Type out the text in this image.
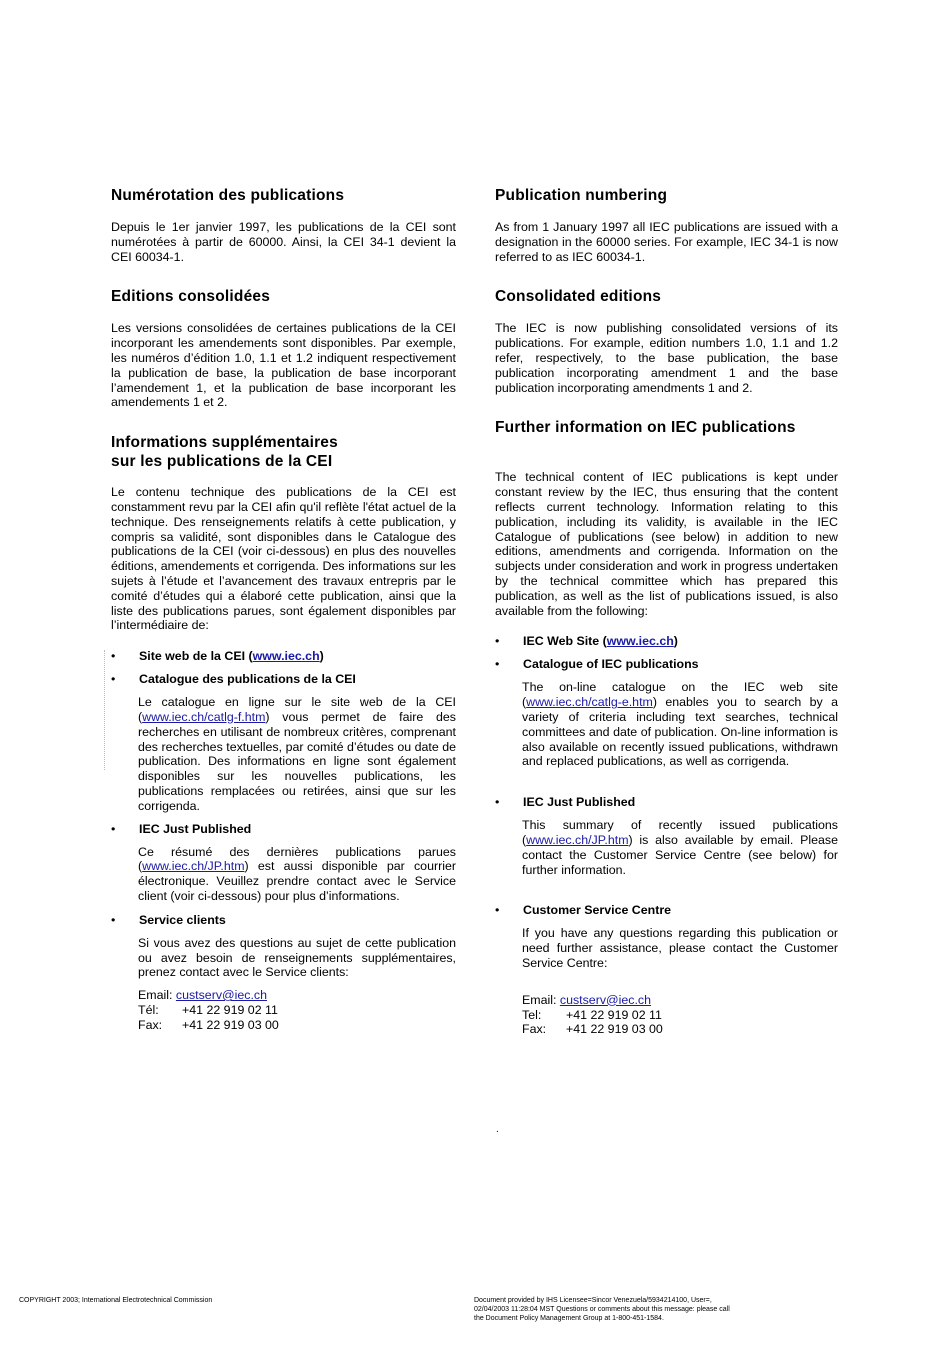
Numérotation des publications

Depuis le 1er janvier 1997, les publications de la CEI sont numérotées à partir de 60000. Ainsi, la CEI 34-1 devient la CEI 60034-1.

Editions consolidées

Les versions consolidées de certaines publications de la CEI incorporant les amendements sont disponibles. Par exemple, les numéros d’édition 1.0, 1.1 et 1.2 indiquent respectivement la publication de base, la publication de base incorporant l’amendement 1, et la publication de base incorporant les amendements 1 et 2.

Informations supplémentaires
sur les publications de la CEI

Le contenu technique des publications de la CEI est constamment revu par la CEI afin qu'il reflète l'état actuel de la technique. Des renseignements relatifs à cette publication, y compris sa validité, sont disponibles dans le Catalogue des publications de la CEI (voir ci-dessous) en plus des nouvelles éditions, amendements et corrigenda. Des informations sur les sujets à l’étude et l’avancement des travaux entrepris par le comité d’études qui a élaboré cette publication, ainsi que la liste des publications parues, sont également disponibles par l’intermédiaire de:

• Site web de la CEI (www.iec.ch)
• Catalogue des publications de la CEI

Le catalogue en ligne sur le site web de la CEI (www.iec.ch/catlg-f.htm) vous permet de faire des recherches en utilisant de nombreux critères, comprenant des recherches textuelles, par comité d’études ou date de publication. Des informations en ligne sont également disponibles sur les nouvelles publications, les publications remplacées ou retirées, ainsi que sur les corrigenda.

• IEC Just Published

Ce résumé des dernières publications parues (www.iec.ch/JP.htm) est aussi disponible par courrier électronique. Veuillez prendre contact avec le Service client (voir ci-dessous) pour plus d’informations.

• Service clients

Si vous avez des questions au sujet de cette publication ou avez besoin de renseignements supplémentaires, prenez contact avec le Service clients:

Email: custserv@iec.ch
Tél: +41 22 919 02 11
Fax: +41 22 919 03 00
Publication numbering

As from 1 January 1997 all IEC publications are issued with a designation in the 60000 series. For example, IEC 34-1 is now referred to as IEC 60034-1.

Consolidated editions

The IEC is now publishing consolidated versions of its publications. For example, edition numbers 1.0, 1.1 and 1.2 refer, respectively, to the base publication, the base publication incorporating amendment 1 and the base publication incorporating amendments 1 and 2.

Further information on IEC publications

The technical content of IEC publications is kept under constant review by the IEC, thus ensuring that the content reflects current technology. Information relating to this publication, including its validity, is available in the IEC Catalogue of publications (see below) in addition to new editions, amendments and corrigenda. Information on the subjects under consideration and work in progress undertaken by the technical committee which has prepared this publication, as well as the list of publications issued, is also available from the following:

• IEC Web Site (www.iec.ch)
• Catalogue of IEC publications

The on-line catalogue on the IEC web site (www.iec.ch/catlg-e.htm) enables you to search by a variety of criteria including text searches, technical committees and date of publication. On-line information is also available on recently issued publications, withdrawn and replaced publications, as well as corrigenda.

• IEC Just Published

This summary of recently issued publications (www.iec.ch/JP.htm) is also available by email. Please contact the Customer Service Centre (see below) for further information.

• Customer Service Centre

If you have any questions regarding this publication or need further assistance, please contact the Customer Service Centre:

Email: custserv@iec.ch
Tel: +41 22 919 02 11
Fax: +41 22 919 03 00
.
COPYRIGHT 2003; International Electrotechnical Commission	Document provided by IHS Licensee=Sincor Venezuela/5934214100, User=,
02/04/2003 11:28:04 MST Questions or comments about this message: please call
the Document Policy Management Group at 1-800-451-1584.
